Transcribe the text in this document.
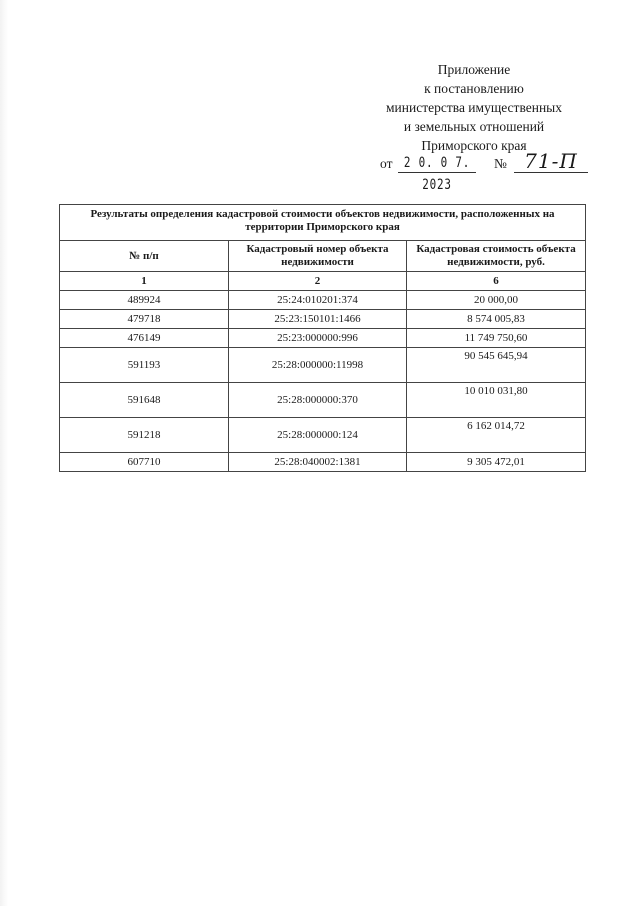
Приложение
к постановлению
министерства имущественных
и земельных отношений
Приморского края
от 2 0. 0 7. 2023
№ 71-П
Результаты определения кадастровой стоимости объектов недвижимости, расположенных на территории Приморского края		
№ п/п	Кадастровый номер объекта недвижимости	Кадастровая стоимость объекта недвижимости, руб.
1	2	6
489924	25:24:010201:374	20 000,00
479718	25:23:150101:1466	8 574 005,83
476149	25:23:000000:996	11 749 750,60
591193	25:28:000000:11998	90 545 645,94
591648	25:28:000000:370	10 010 031,80
591218	25:28:000000:124	6 162 014,72
607710	25:28:040002:1381	9 305 472,01
